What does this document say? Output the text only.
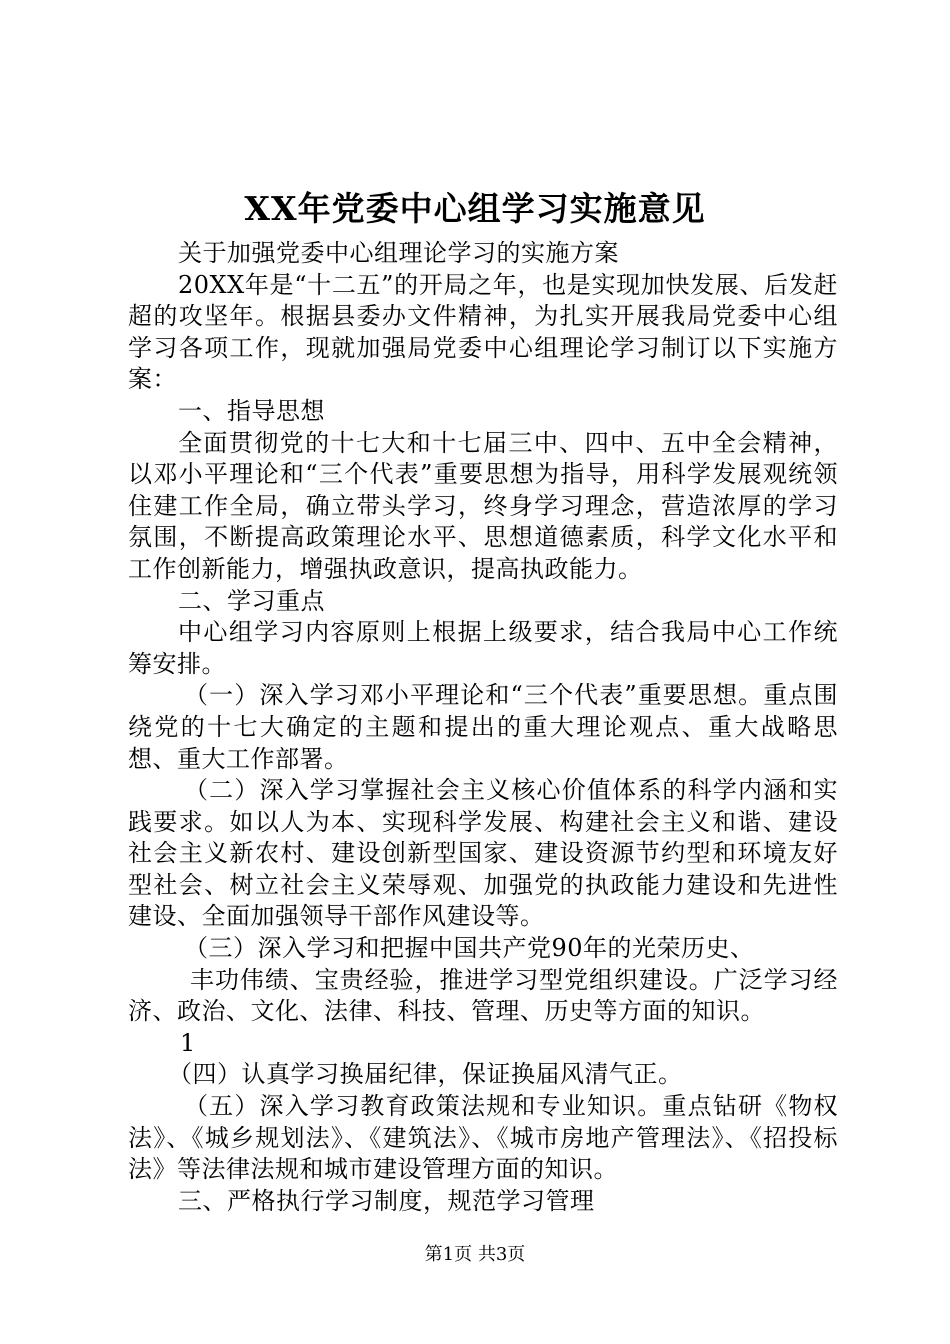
XX年党委中心组学习实施意见

关于加强党委中心组理论学习的实施方案

20XX年是“十二五”的开局之年，也是实现加快发展、后发赶超的攻坚年。根据县委办文件精神，为扎实开展我局党委中心组学习各项工作，现就加强局党委中心组理论学习制订以下实施方案：

一、指导思想

全面贯彻党的十七大和十七届三中、四中、五中全会精神，以邓小平理论和“三个代表”重要思想为指导，用科学发展观统领住建工作全局，确立带头学习，终身学习理念，营造浓厚的学习氛围，不断提高政策理论水平、思想道德素质，科学文化水平和工作创新能力，增强执政意识，提高执政能力。

二、学习重点

中心组学习内容原则上根据上级要求，结合我局中心工作统筹安排。

（一）深入学习邓小平理论和“三个代表”重要思想。重点围绕党的十七大确定的主题和提出的重大理论观点、重大战略思想、重大工作部署。

（二）深入学习掌握社会主义核心价值体系的科学内涵和实践要求。如以人为本、实现科学发展、构建社会主义和谐、建设社会主义新农村、建设创新型国家、建设资源节约型和环境友好型社会、树立社会主义荣辱观、加强党的执政能力建设和先进性建设、全面加强领导干部作风建设等。

（三）深入学习和把握中国共产党90年的光荣历史、

丰功伟绩、宝贵经验，推进学习型党组织建设。广泛学习经济、政治、文化、法律、科技、管理、历史等方面的知识。

1

（四）认真学习换届纪律，保证换届风清气正。

（五）深入学习教育政策法规和专业知识。重点钻研《物权法》、《城乡规划法》、《建筑法》、《城市房地产管理法》、《招投标法》等法律法规和城市建设管理方面的知识。

三、严格执行学习制度，规范学习管理

第1页 共3页
